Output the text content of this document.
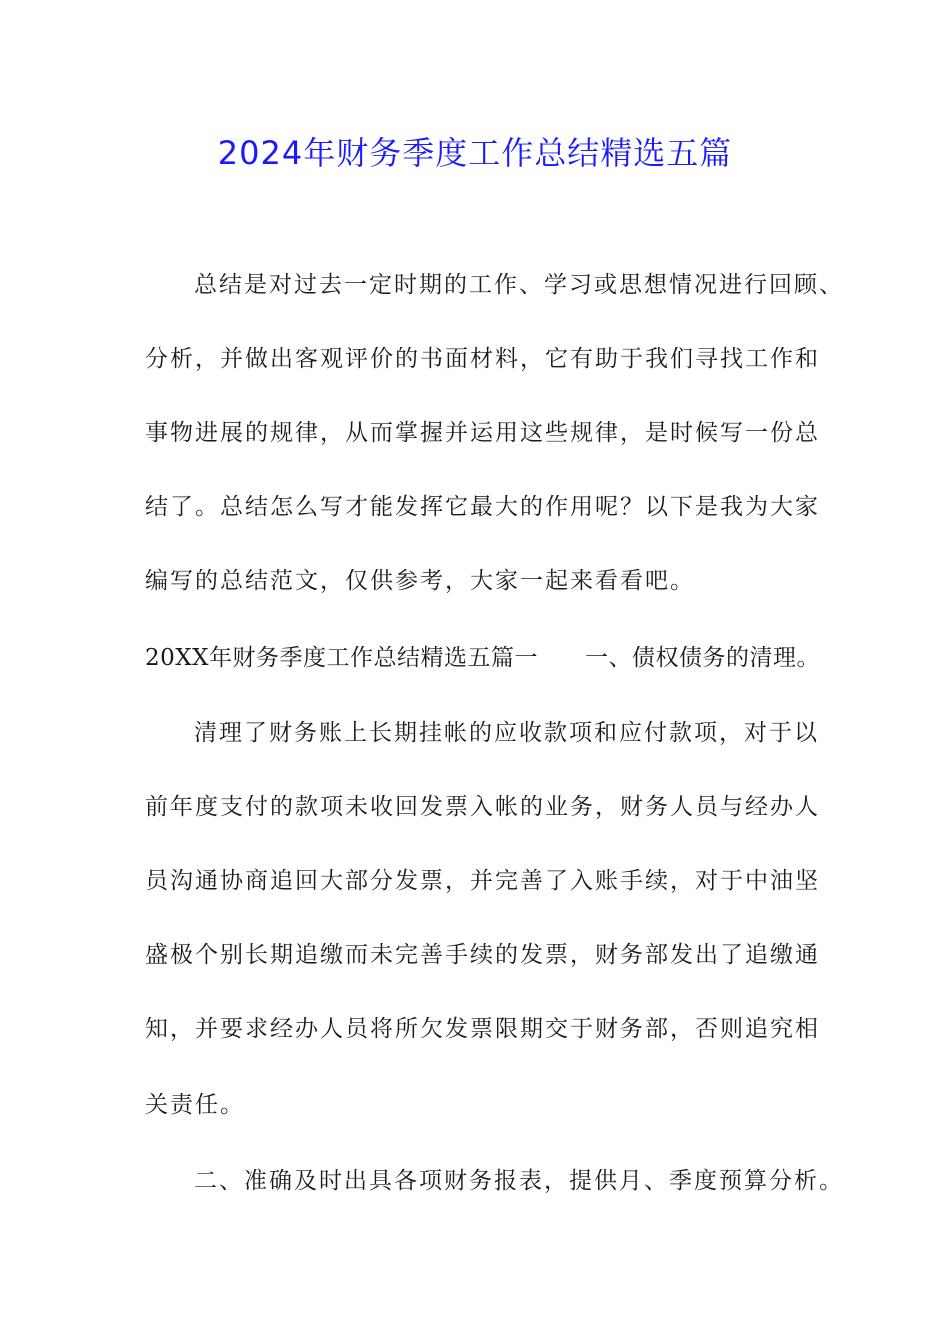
2024年财务季度工作总结精选五篇
总结是对过去一定时期的工作、学习或思想情况进行回顾、
分析，并做出客观评价的书面材料，它有助于我们寻找工作和
事物进展的规律，从而掌握并运用这些规律，是时候写一份总
结了。总结怎么写才能发挥它最大的作用呢？以下是我为大家
编写的总结范文，仅供参考，大家一起来看看吧。
20XX年财务季度工作总结精选五篇一　　一、债权债务的清理。
清理了财务账上长期挂帐的应收款项和应付款项，对于以
前年度支付的款项未收回发票入帐的业务，财务人员与经办人
员沟通协商追回大部分发票，并完善了入账手续，对于中油坚
盛极个别长期追缴而未完善手续的发票，财务部发出了追缴通
知，并要求经办人员将所欠发票限期交于财务部，否则追究相
关责任。
二、准确及时出具各项财务报表，提供月、季度预算分析。
